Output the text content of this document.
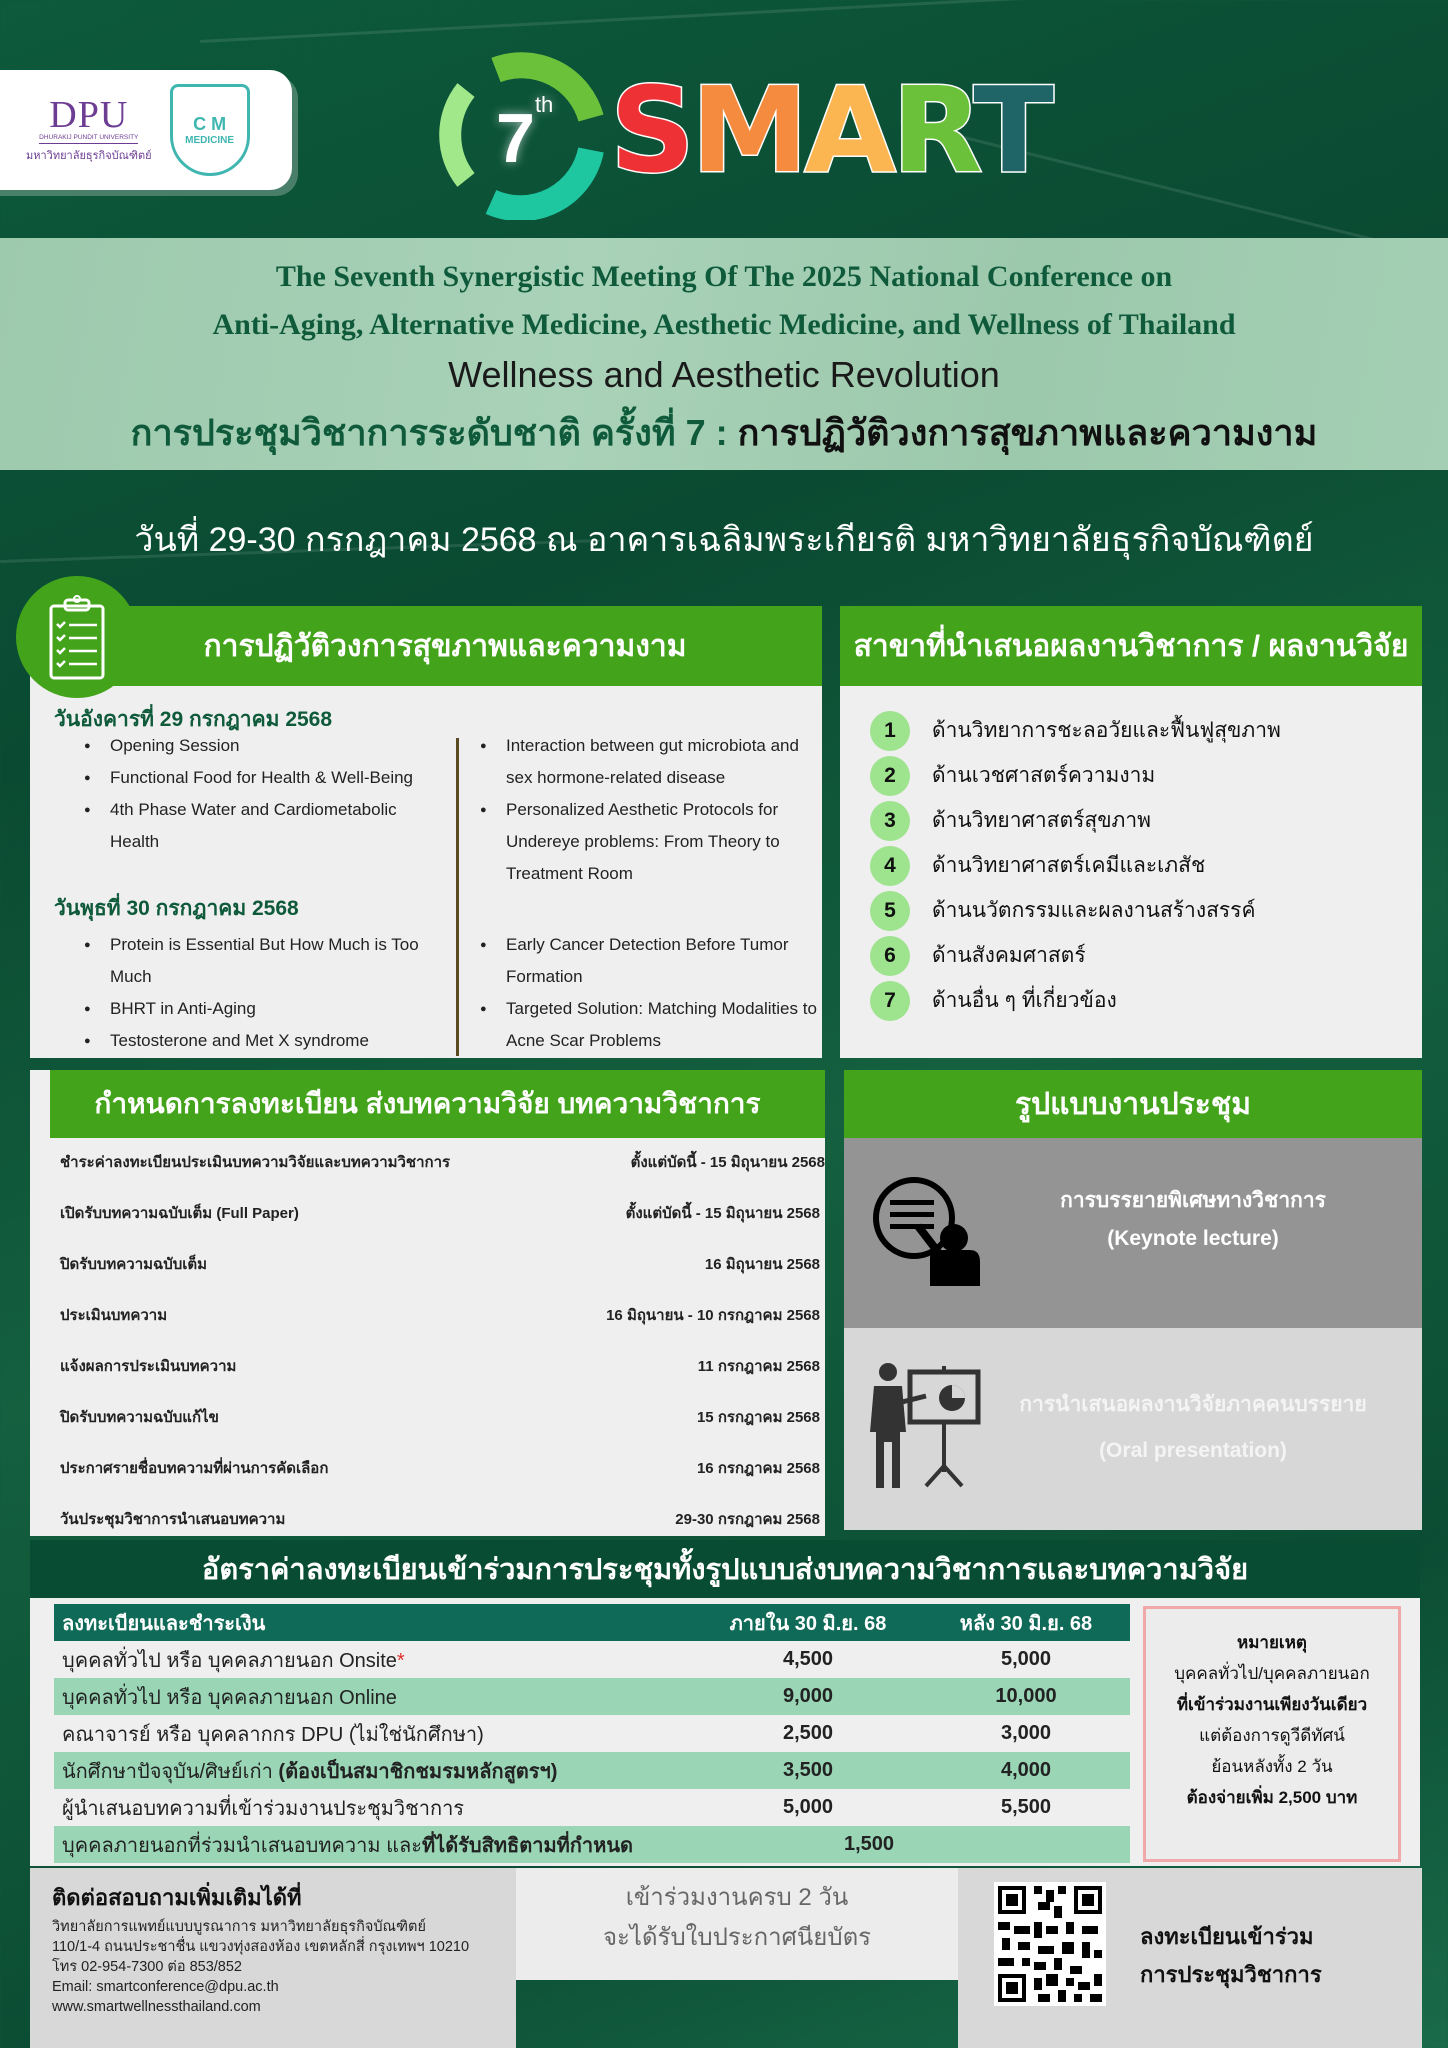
DPU
DHURAKIJ PUNDIT UNIVERSITY
มหาวิทยาลัยธุรกิจบัณฑิตย์
C M
MEDICINE	7th SMART
The Seventh Synergistic Meeting Of The 2025 National Conference on
Anti-Aging, Alternative Medicine, Aesthetic Medicine, and Wellness of Thailand
Wellness and Aesthetic Revolution
การประชุมวิชาการระดับชาติ ครั้งที่ 7 : การปฏิวัติวงการสุขภาพและความงาม
วันที่ 29-30 กรกฎาคม 2568 ณ อาคารเฉลิมพระเกียรติ มหาวิทยาลัยธุรกิจบัณฑิตย์
การปฏิวัติวงการสุขภาพและความงาม
วันอังคารที่ 29 กรกฎาคม 2568
● Opening Session
● Functional Food for Health & Well-Being
● 4th Phase Water and Cardiometabolic Health
● Interaction between gut microbiota and sex hormone-related disease
● Personalized Aesthetic Protocols for Undereye problems: From Theory to Treatment Room
วันพุธที่ 30 กรกฎาคม 2568
● Protein is Essential But How Much is Too Much
● BHRT in Anti-Aging
● Testosterone and Met X syndrome
● Early Cancer Detection Before Tumor Formation
● Targeted Solution: Matching Modalities to Acne Scar Problems
สาขาที่นำเสนอผลงานวิชาการ / ผลงานวิจัย
1	ด้านวิทยาการชะลอวัยและฟื้นฟูสุขภาพ
2	ด้านเวชศาสตร์ความงาม
3	ด้านวิทยาศาสตร์สุขภาพ
4	ด้านวิทยาศาสตร์เคมีและเภสัช
5	ด้านนวัตกรรมและผลงานสร้างสรรค์
6	ด้านสังคมศาสตร์
7	ด้านอื่น ๆ ที่เกี่ยวข้อง
กำหนดการลงทะเบียน ส่งบทความวิจัย บทความวิชาการ
ชำระค่าลงทะเบียนประเมินบทความวิจัยและบทความวิชาการ	ตั้งแต่บัดนี้ - 15 มิถุนายน 2568
เปิดรับบทความฉบับเต็ม (Full Paper)	ตั้งแต่บัดนี้ - 15 มิถุนายน 2568
ปิดรับบทความฉบับเต็ม	16 มิถุนายน 2568
ประเมินบทความ	16 มิถุนายน - 10 กรกฎาคม 2568
แจ้งผลการประเมินบทความ	11 กรกฎาคม 2568
ปิดรับบทความฉบับแก้ไข	15 กรกฎาคม 2568
ประกาศรายชื่อบทความที่ผ่านการคัดเลือก	16 กรกฎาคม 2568
วันประชุมวิชาการนำเสนอบทความ	29-30 กรกฎาคม 2568
รูปแบบงานประชุม
การบรรยายพิเศษทางวิชาการ
(Keynote lecture)
การนำเสนอผลงานวิจัยภาคคนบรรยาย
(Oral presentation)
อัตราค่าลงทะเบียนเข้าร่วมการประชุมทั้งรูปแบบส่งบทความวิชาการและบทความวิจัย
ลงทะเบียนและชำระเงิน	ภายใน 30 มิ.ย. 68	หลัง 30 มิ.ย. 68
บุคคลทั่วไป หรือ บุคคลภายนอก Onsite*	4,500	5,000
บุคคลทั่วไป หรือ บุคคลภายนอก Online	9,000	10,000
คณาจารย์ หรือ บุคคลากกร DPU (ไม่ใช่นักศึกษา)	2,500	3,000
นักศึกษาปัจจุบัน/ศิษย์เก่า (ต้องเป็นสมาชิกชมรมหลักสูตรฯ)	3,500	4,000
ผู้นำเสนอบทความที่เข้าร่วมงานประชุมวิชาการ	5,000	5,500
บุคคลภายนอกที่ร่วมนำเสนอบทความ และที่ได้รับสิทธิตามที่กำหนด	1,500	
หมายเหตุ
บุคคลทั่วไป/บุคคลภายนอก
ที่เข้าร่วมงานเพียงวันเดียว
แต่ต้องการดูวีดีทัศน์
ย้อนหลังทั้ง 2 วัน
ต้องจ่ายเพิ่ม 2,500 บาท
ติดต่อสอบถามเพิ่มเติมได้ที่
วิทยาลัยการแพทย์แบบบูรณาการ มหาวิทยาลัยธุรกิจบัณฑิตย์
110/1-4 ถนนประชาชื่น แขวงทุ่งสองห้อง เขตหลักสี่ กรุงเทพฯ 10210
โทร 02-954-7300 ต่อ 853/852
Email: smartconference@dpu.ac.th
www.smartwellnessthailand.com
เข้าร่วมงานครบ 2 วัน
จะได้รับใบประกาศนียบัตร	ลงทะเบียนเข้าร่วม
การประชุมวิชาการ
